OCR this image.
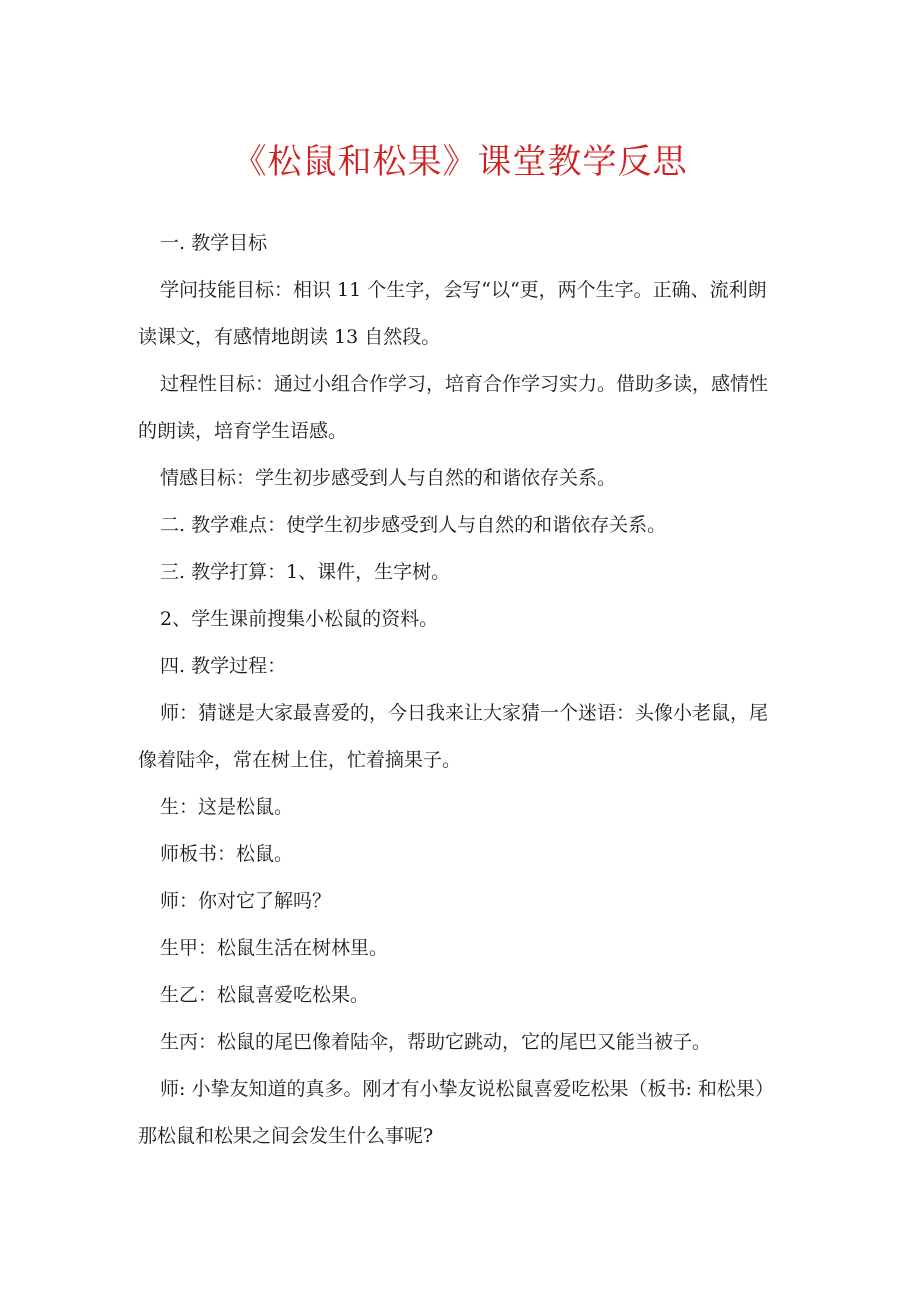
《松鼠和松果》课堂教学反思

一. 教学目标

学问技能目标：相识 11 个生字，会写“以“更，两个生字。正确、流利朗读课文，有感情地朗读 13 自然段。

过程性目标：通过小组合作学习，培育合作学习实力。借助多读，感情性的朗读，培育学生语感。

情感目标：学生初步感受到人与自然的和谐依存关系。

二. 教学难点：使学生初步感受到人与自然的和谐依存关系。

三. 教学打算：1、课件，生字树。

2、学生课前搜集小松鼠的资料。

四. 教学过程：

师：猜谜是大家最喜爱的，今日我来让大家猜一个迷语：头像小老鼠，尾像着陆伞，常在树上住，忙着摘果子。

生：这是松鼠。

师板书：松鼠。

师：你对它了解吗？

生甲：松鼠生活在树林里。

生乙：松鼠喜爱吃松果。

生丙：松鼠的尾巴像着陆伞，帮助它跳动，它的尾巴又能当被子。

师: 小挚友知道的真多。刚才有小挚友说松鼠喜爱吃松果（板书: 和松果）那松鼠和松果之间会发生什么事呢?
